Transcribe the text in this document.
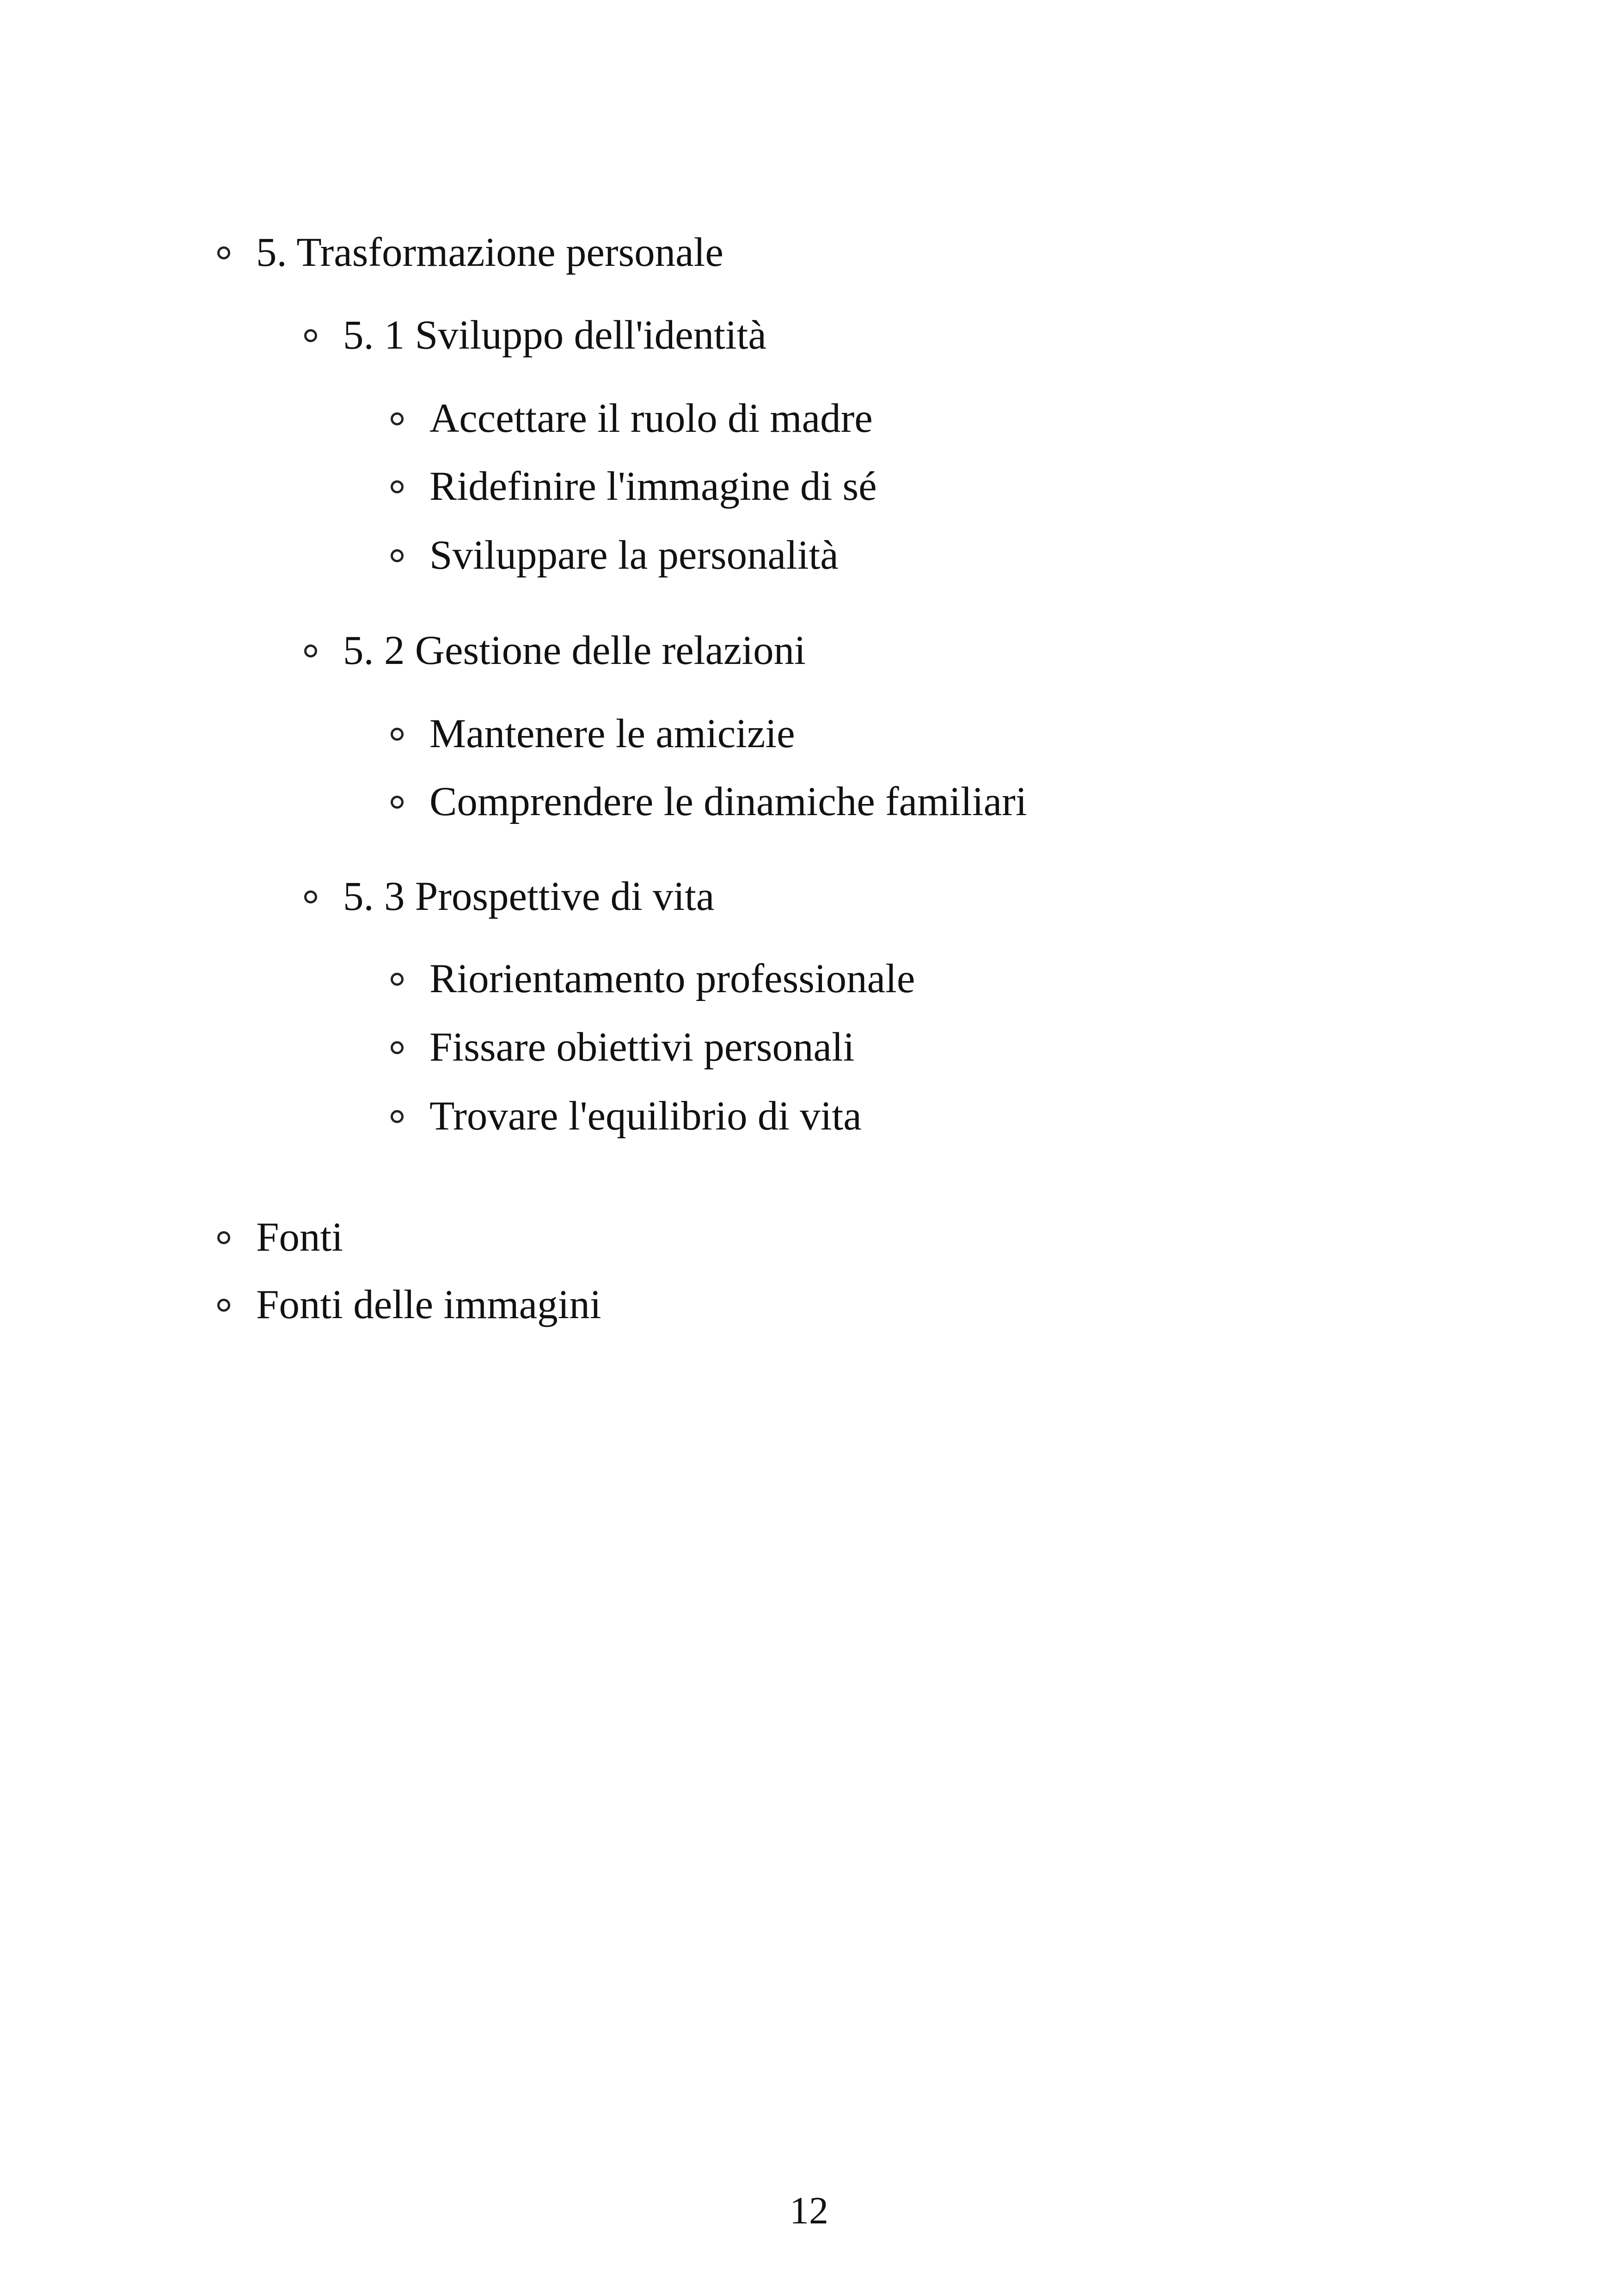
5. Trasformazione personale
5. 1 Sviluppo dell'identità
Accettare il ruolo di madre
Ridefinire l'immagine di sé
Sviluppare la personalità
5. 2 Gestione delle relazioni
Mantenere le amicizie
Comprendere le dinamiche familiari
5. 3 Prospettive di vita
Riorientamento professionale
Fissare obiettivi personali
Trovare l'equilibrio di vita
Fonti
Fonti delle immagini
12
